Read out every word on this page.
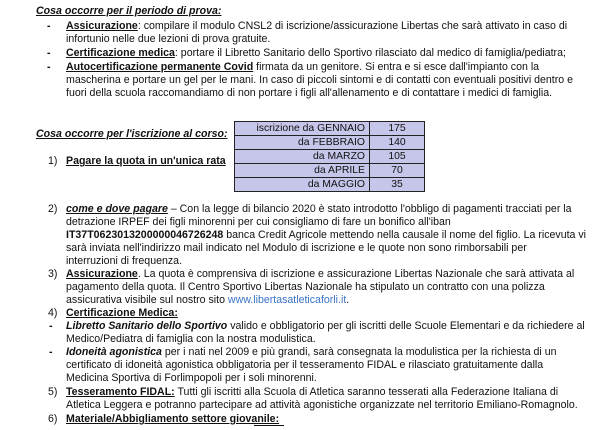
Cosa occorre per il periodo di prova:
- Assicurazione: compilare il modulo CNSL2 di iscrizione/assicurazione Libertas che sarà attivato in caso di
infortunio nelle due lezioni di prova gratuite.
- Certificazione medica: portare il Libretto Sanitario dello Sportivo rilasciato dal medico di famiglia/pediatra;
- Autocertificazione permanente Covid firmata da un genitore. Si entra e si esce dall'impianto con la
mascherina e portare un gel per le mani. In caso di piccoli sintomi e di contatti con eventuali positivi dentro e
fuori della scuola raccomandiamo di non portare i figli all'allenamento e di contattare i medici di famiglia.
Cosa occorre per l'iscrizione al corso:	iscrizione da GENNAIO	175
da FEBBRAIO	140
da MARZO	105
da APRILE	70
da MAGGIO	35
1) Pagare la quota in un'unica rata
2) come e dove pagare – Con la legge di bilancio 2020 è stato introdotto l'obbligo di pagamenti tracciati per la
detrazione IRPEF dei figli minorenni per cui consigliamo di fare un bonifico all'iban
IT37T0623013200000046726248 banca Credit Agricole mettendo nella causale il nome del figlio. La ricevuta vi
sarà inviata nell'indirizzo mail indicato nel Modulo di iscrizione e le quote non sono rimborsabili per
interruzioni di frequenza.
3) Assicurazione. La quota è comprensiva di iscrizione e assicurazione Libertas Nazionale che sarà attivata al
pagamento della quota. Il Centro Sportivo Libertas Nazionale ha stipulato un contratto con una polizza
assicurativa visibile sul nostro sito www.libertasatleticaforli.it.
4) Certificazione Medica:
- Libretto Sanitario dello Sportivo valido e obbligatorio per gli iscritti delle Scuole Elementari e da richiedere al
Medico/Pediatra di famiglia con la nostra modulistica.
- Idoneità agonistica per i nati nel 2009 e più grandi, sarà consegnata la modulistica per la richiesta di un
certificato di idoneità agonistica obbligatoria per il tesseramento FIDAL e rilasciato gratuitamente dalla
Medicina Sportiva di Forlimpopoli per i soli minorenni.
5) Tesseramento FIDAL: Tutti gli iscritti alla Scuola di Atletica saranno tesserati alla Federazione Italiana di
Atletica Leggera e potranno partecipare ad attività agonistiche organizzate nel territorio Emiliano-Romagnolo.
6) Materiale/Abbigliamento settore giovanile:
